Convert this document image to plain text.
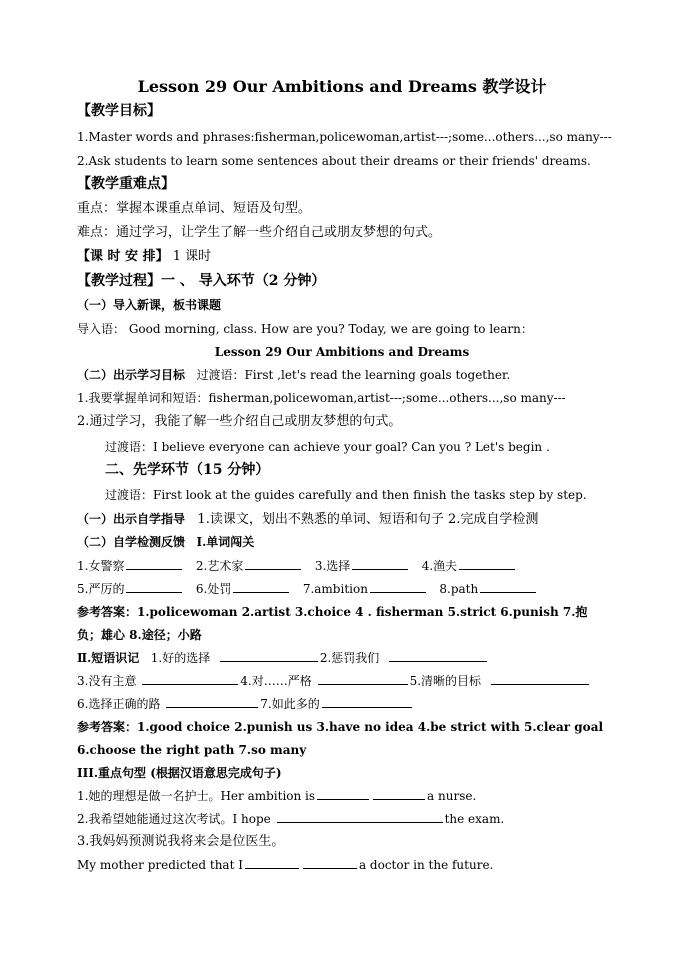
Lesson 29 Our Ambitions and Dreams 教学设计
【教学目标】
1.Master words and phrases:fisherman,policewoman,artist---;some...others...,so many---
2.Ask students to learn some sentences about their dreams or their friends' dreams.
【教学重难点】
重点：掌握本课重点单词、短语及句型。
难点：通过学习，让学生了解一些介绍自己或朋友梦想的句式。
【课 时 安 排】 1 课时
【教学过程】一 、 导入环节（2 分钟）
（一）导入新课，板书课题
导入语： Good morning, class. How are you? Today, we are going to learn：
Lesson 29 Our Ambitions and Dreams
（二）出示学习目标 过渡语：First ,let's read the learning goals together.
1.我要掌握单词和短语：fisherman,policewoman,artist---;some...others...,so many---
2.通过学习，我能了解一些介绍自己或朋友梦想的句式。
过渡语：I believe everyone can achieve your goal? Can you ? Let's begin .
二、先学环节（15 分钟）
过渡语：First look at the guides carefully and then finish the tasks step by step.
（一）出示自学指导 1.读课文，划出不熟悉的单词、短语和句子 2.完成自学检测
（二）自学检测反馈 Ⅰ.单词闯关
1.女警察	2.艺术家	3.选择	4.渔夫
5.严厉的	6.处罚	7.ambition	8.path
参考答案：1.policewoman 2.artist 3.choice 4 . fisherman 5.strict 6.punish 7.抱
负；雄心 8.途径；小路
Ⅱ.短语识记 1.好的选择	2.惩罚我们
3.没有主意	4.对……严格	5.清晰的目标
6.选择正确的路	7.如此多的
参考答案：1.good choice 2.punish us 3.have no idea 4.be strict with 5.clear goal
6.choose the right path 7.so many
III.重点句型 (根据汉语意思完成句子)
1.她的理想是做一名护士。Her ambition is	a nurse.
2.我希望她能通过这次考试。I hope	the exam.
3.我妈妈预测说我将来会是位医生。
My mother predicted that I	a doctor in the future.
